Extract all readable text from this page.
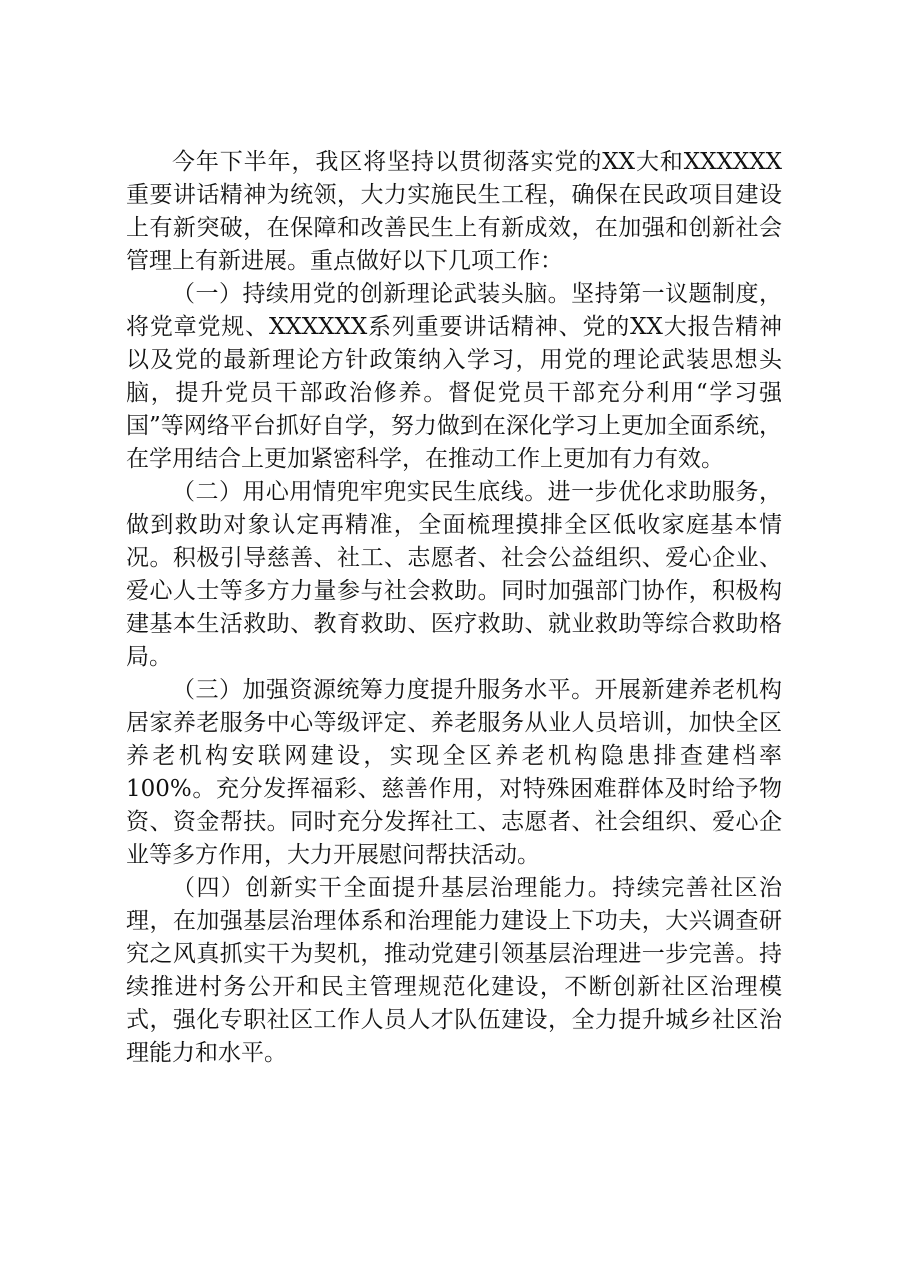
今年下半年，我区将坚持以贯彻落实党的XX大和XXXXXX重要讲话精神为统领，大力实施民生工程，确保在民政项目建设上有新突破，在保障和改善民生上有新成效，在加强和创新社会管理上有新进展。重点做好以下几项工作：

（一）持续用党的创新理论武装头脑。坚持第一议题制度，将党章党规、XXXXXX系列重要讲话精神、党的XX大报告精神以及党的最新理论方针政策纳入学习，用党的理论武装思想头脑，提升党员干部政治修养。督促党员干部充分利用“学习强国”等网络平台抓好自学，努力做到在深化学习上更加全面系统，在学用结合上更加紧密科学，在推动工作上更加有力有效。

（二）用心用情兜牢兜实民生底线。进一步优化求助服务，做到救助对象认定再精准，全面梳理摸排全区低收家庭基本情况。积极引导慈善、社工、志愿者、社会公益组织、爱心企业、爱心人士等多方力量参与社会救助。同时加强部门协作，积极构建基本生活救助、教育救助、医疗救助、就业救助等综合救助格局。

（三）加强资源统筹力度提升服务水平。开展新建养老机构居家养老服务中心等级评定、养老服务从业人员培训，加快全区养老机构安联网建设，实现全区养老机构隐患排查建档率100%。充分发挥福彩、慈善作用，对特殊困难群体及时给予物资、资金帮扶。同时充分发挥社工、志愿者、社会组织、爱心企业等多方作用，大力开展慰问帮扶活动。

（四）创新实干全面提升基层治理能力。持续完善社区治理，在加强基层治理体系和治理能力建设上下功夫，大兴调查研究之风真抓实干为契机，推动党建引领基层治理进一步完善。持续推进村务公开和民主管理规范化建设，不断创新社区治理模式，强化专职社区工作人员人才队伍建设，全力提升城乡社区治理能力和水平。
